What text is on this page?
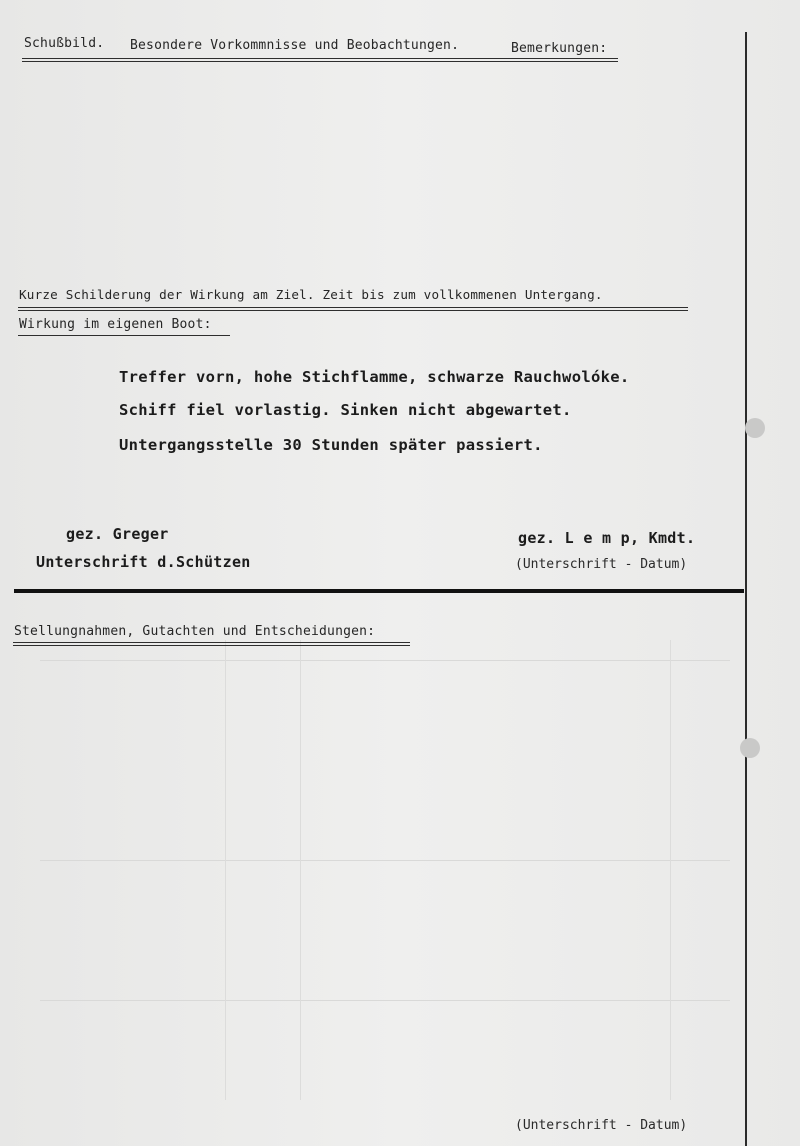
Schußbild. Besondere Vorkommnisse und Beobachtungen.	Bemerkungen:
Kurze Schilderung der Wirkung am Ziel. Zeit bis zum vollkommenen Untergang.
Wirkung im eigenen Boot:
Treffer vorn, hohe Stichflamme, schwarze Rauchwolóke.
Schiff fiel vorlastig. Sinken nicht abgewartet.
Untergangsstelle 30 Stunden später passiert.
gez. Greger
Unterschrift d.Schützen
gez. L e m p, Kmdt.
(Unterschrift - Datum)
Stellungnahmen, Gutachten und Entscheidungen:
(Unterschrift - Datum)
